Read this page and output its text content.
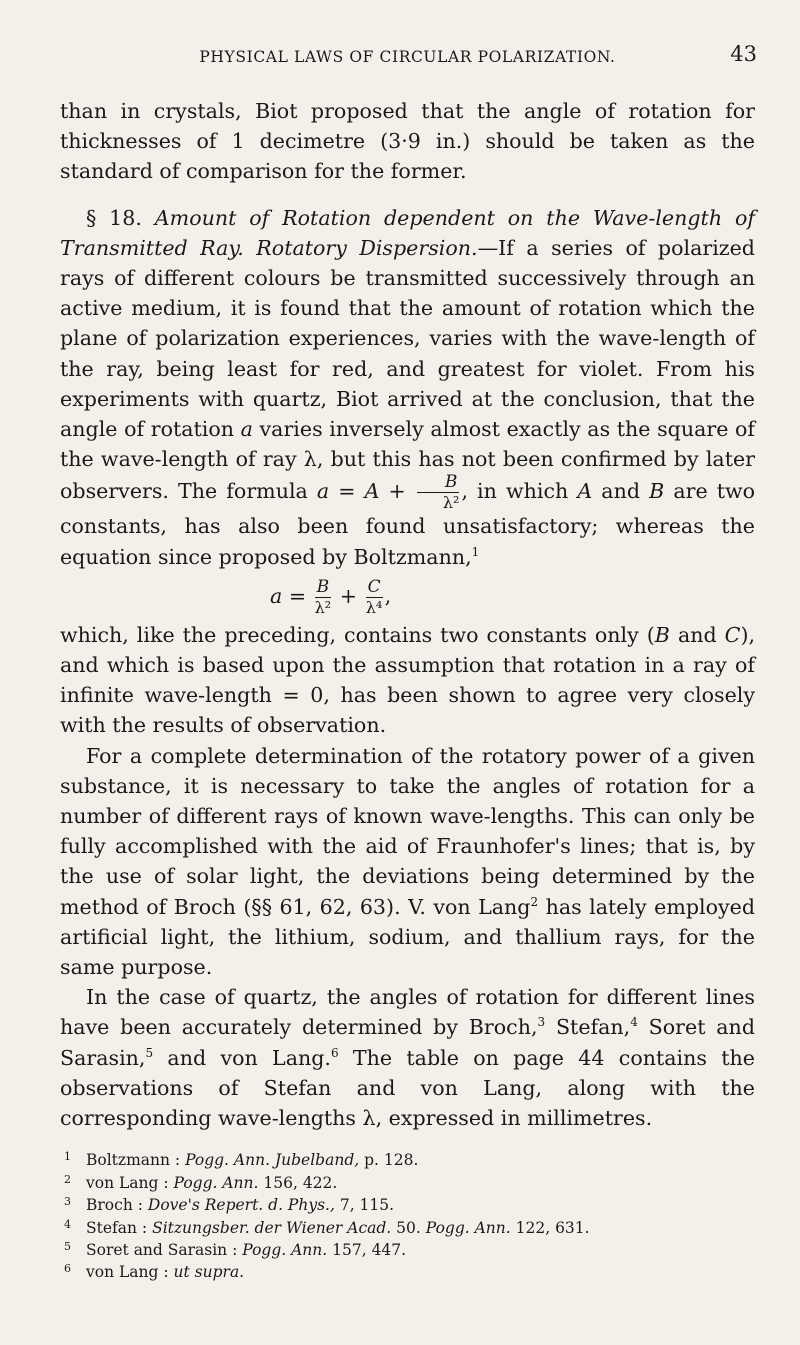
PHYSICAL LAWS OF CIRCULAR POLARIZATION.	43

than in crystals, Biot proposed that the angle of rotation for thicknesses of 1 decimetre (3·9 in.) should be taken as the standard of comparison for the former.

§ 18. Amount of Rotation dependent on the Wave-length of Transmitted Ray. Rotatory Dispersion.—If a series of polarized rays of different colours be transmitted successively through an active medium, it is found that the amount of rotation which the plane of polarization experiences, varies with the wave-length of the ray, being least for red, and greatest for violet. From his experiments with quartz, Biot arrived at the conclusion, that the angle of rotation a varies inversely almost exactly as the square of the wave-length of ray λ, but this has not been confirmed by later observers. The formula $a = A + \frac{B}{\text{λ²}}$ , in which A and B are two constants, has also been found unsatisfactory; whereas the equation since proposed by Boltzmann,$^1$

$a = \frac{B}{\text{λ²}} + \frac{C}{\text{λ⁴}}$ ,

which, like the preceding, contains two constants only (B and C), and which is based upon the assumption that rotation in a ray of infinite wave-length = 0, has been shown to agree very closely with the results of observation.

For a complete determination of the rotatory power of a given substance, it is necessary to take the angles of rotation for a number of different rays of known wave-lengths. This can only be fully accomplished with the aid of Fraunhofer's lines; that is, by the use of solar light, the deviations being determined by the method of Broch (§§ 61, 62, 63). V. von Lang$^2$ has lately employed artificial light, the lithium, sodium, and thallium rays, for the same purpose.

In the case of quartz, the angles of rotation for different lines have been accurately determined by Broch,$^3$ Stefan,$^4$ Soret and Sarasin,$^5$ and von Lang.$^6$ The table on page 44 contains the observations of Stefan and von Lang, along with the corresponding wave-lengths λ, expressed in millimetres.

1 Boltzmann : Pogg. Ann. Jubelband, p. 128.
2 von Lang : Pogg. Ann. 156, 422.
3 Broch : Dove's Repert. d. Phys., 7, 115.
4 Stefan : Sitzungsber. der Wiener Acad. 50. Pogg. Ann. 122, 631.
5 Soret and Sarasin : Pogg. Ann. 157, 447.
6 von Lang : ut supra.
